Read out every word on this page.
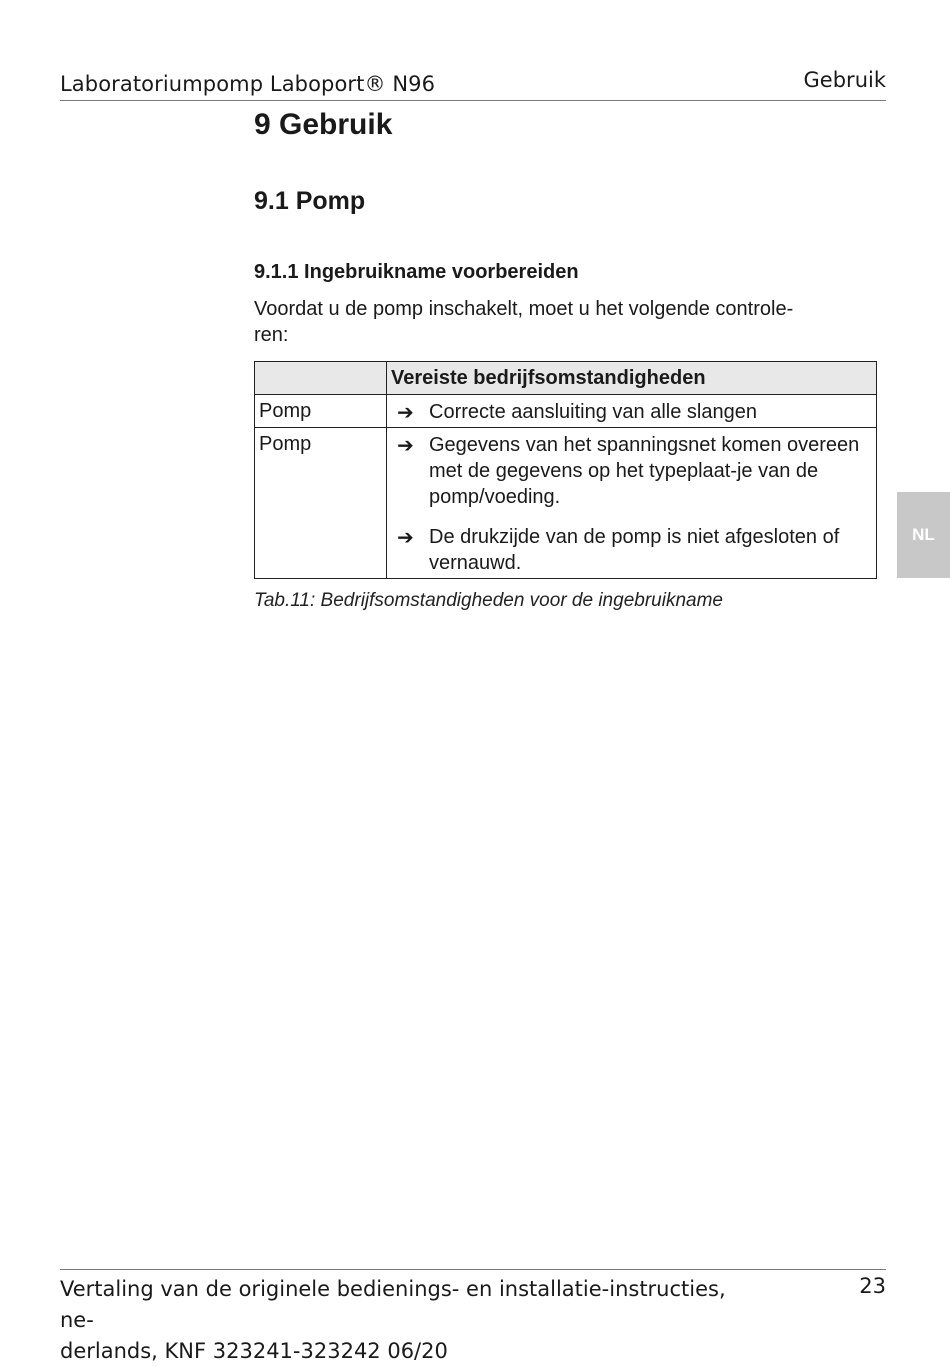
Laboratoriumpomp Laboport® N96	Gebruik
9 Gebruik
9.1 Pomp
9.1.1 Ingebruikname voorbereiden

Voordat u de pomp inschakelt, moet u het volgende controle-
ren:

	Vereiste bedrijfsomstandigheden

Pomp	➔ Correcte aansluiting van alle slangen

Pomp	➔ Gegevens van het spanningsnet komen overeen met de gegevens op het typeplaat-je van de pomp/voeding.
➔ De drukzijde van de pomp is niet afgesloten of vernauwd.

Tab.11: Bedrijfsomstandigheden voor de ingebruikname

NL

Vertaling van de originele bedienings- en installatie-instructies, ne-
derlands, KNF 323241-323242 06/20

23
